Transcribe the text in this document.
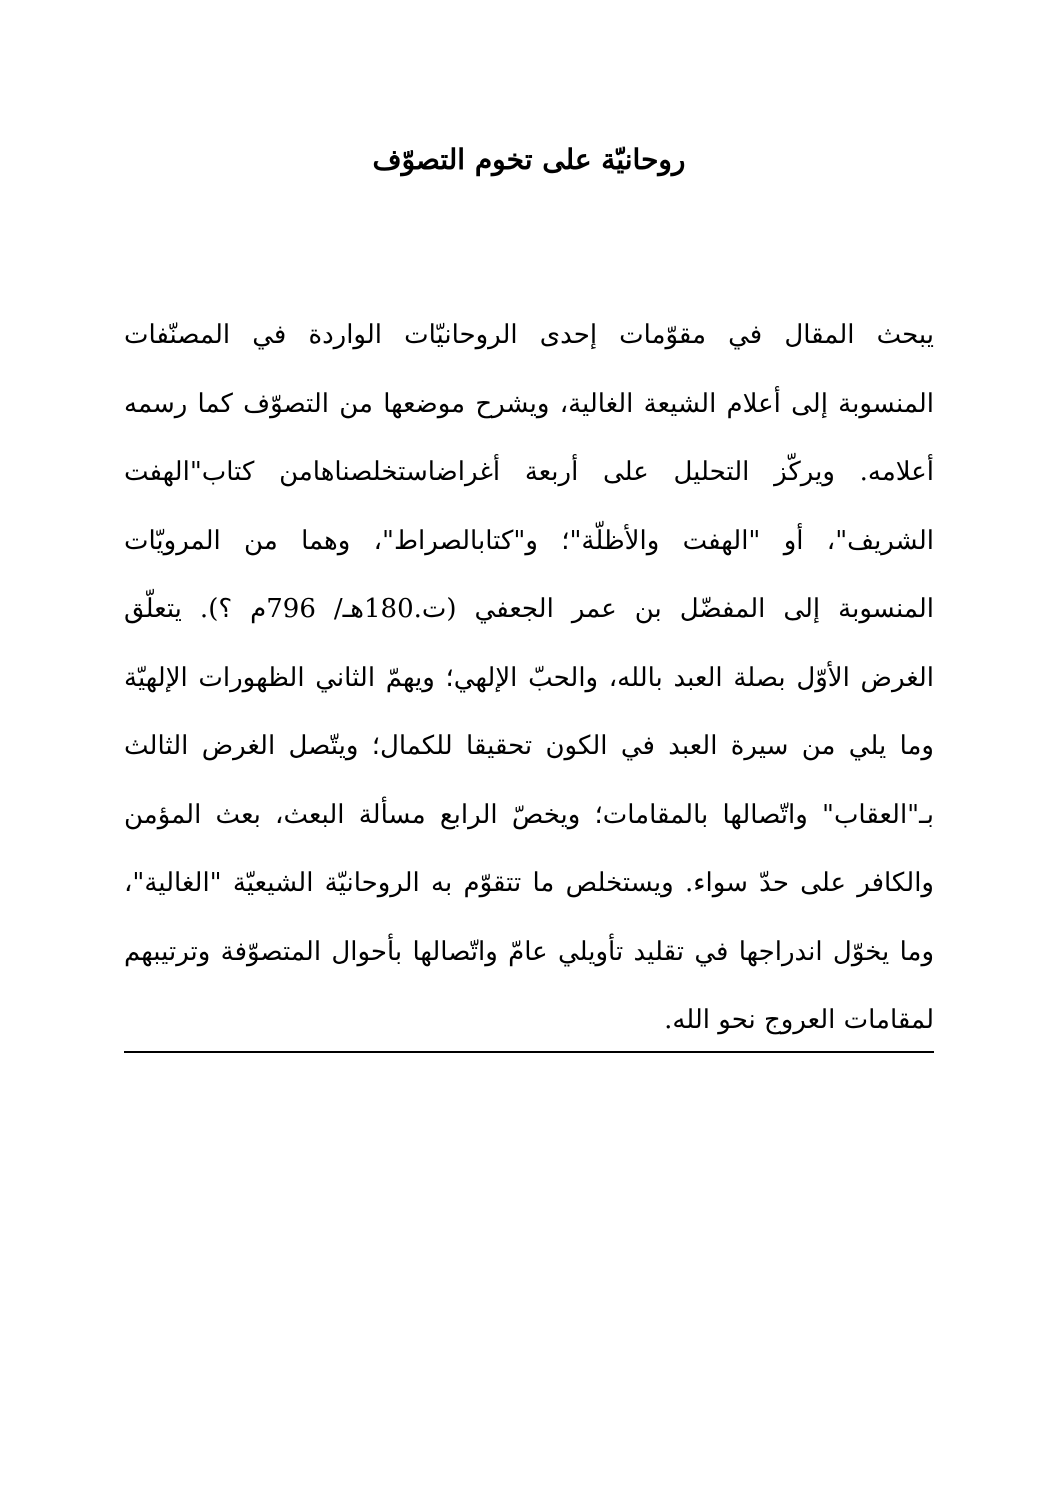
روحانيّة على تخوم التصوّف
يبحث المقال في مقوّمات إحدى الروحانيّات الواردة في المصنّفات
المنسوبة إلى أعلام الشيعة الغالية، ويشرح موضعها من التصوّف كما رسمه
أعلامه. ويركّز التحليل على أربعة أغراضاستخلصناهامن كتاب"الهفت
الشريف"، أو "الهفت والأظلّة"؛ و"كتابالصراط"، وهما من المرويّات
المنسوبة إلى المفضّل بن عمر الجعفي (ت.180هـ/ 796م ؟). يتعلّق
الغرض الأوّل بصلة العبد بالله، والحبّ الإلهي؛ ويهمّ الثاني الظهورات الإلهيّة
وما يلي من سيرة العبد في الكون تحقيقا للكمال؛ ويتّصل الغرض الثالث
بـ"العقاب" واتّصالها بالمقامات؛ ويخصّ الرابع مسألة البعث، بعث المؤمن
والكافر على حدّ سواء. ويستخلص ما تتقوّم به الروحانيّة الشيعيّة "الغالية"،
وما يخوّل اندراجها في تقليد تأويلي عامّ واتّصالها بأحوال المتصوّفة وترتيبهم
لمقامات العروج نحو الله.
